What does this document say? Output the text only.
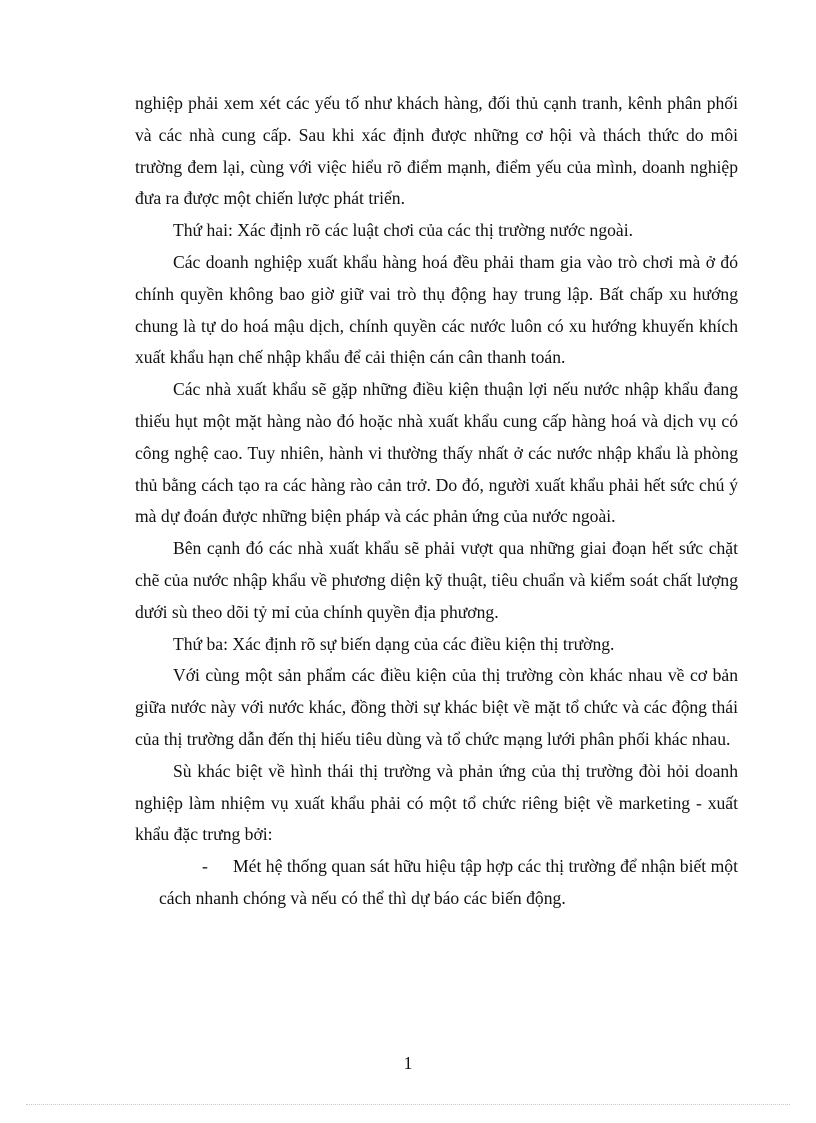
nghiệp phải xem xét các yếu tố như khách hàng, đối thủ cạnh tranh, kênh phân phối và các nhà cung cấp. Sau khi xác định được những cơ hội và thách thức do môi trường đem lại, cùng với việc hiểu rõ điểm mạnh, điểm yếu của mình, doanh nghiệp đưa ra được một chiến lược phát triển.

Thứ hai: Xác định rõ các luật chơi của các thị trường nước ngoài.

Các doanh nghiệp xuất khẩu hàng hoá đều phải tham gia vào trò chơi mà ở đó chính quyền không bao giờ giữ vai trò thụ động hay trung lập. Bất chấp xu hướng chung là tự do hoá mậu dịch, chính quyền các nước luôn có xu hướng khuyến khích xuất khẩu hạn chế nhập khẩu để cải thiện cán cân thanh toán.

Các nhà xuất khẩu sẽ gặp những điều kiện thuận lợi nếu nước nhập khẩu đang thiếu hụt một mặt hàng nào đó hoặc nhà xuất khẩu cung cấp hàng hoá và dịch vụ có công nghệ cao. Tuy nhiên, hành vi thường thấy nhất ở các nước nhập khẩu là phòng thủ bằng cách tạo ra các hàng rào cản trở. Do đó, người xuất khẩu phải hết sức chú ý mà dự đoán được những biện pháp và các phản ứng của nước ngoài.

Bên cạnh đó các nhà xuất khẩu sẽ phải vượt qua những giai đoạn hết sức chặt chẽ của nước nhập khẩu về phương diện kỹ thuật, tiêu chuẩn và kiểm soát chất lượng dưới sù theo dõi tỷ mỉ của chính quyền địa phương.

Thứ ba: Xác định rõ sự biến dạng của các điều kiện thị trường.

Với cùng một sản phẩm các điều kiện của thị trường còn khác nhau về cơ bản giữa nước này với nước khác, đồng thời sự khác biệt về mặt tổ chức và các động thái của thị trường dẫn đến thị hiếu tiêu dùng và tổ chức mạng lưới phân phối khác nhau.

Sù khác biệt về hình thái thị trường và phản ứng của thị trường đòi hỏi doanh nghiệp làm nhiệm vụ xuất khẩu phải có một tổ chức riêng biệt về marketing - xuất khẩu đặc trưng bởi:

- Mét hệ thống quan sát hữu hiệu tập hợp các thị trường để nhận biết một cách nhanh chóng và nếu có thể thì dự báo các biến động.

1
